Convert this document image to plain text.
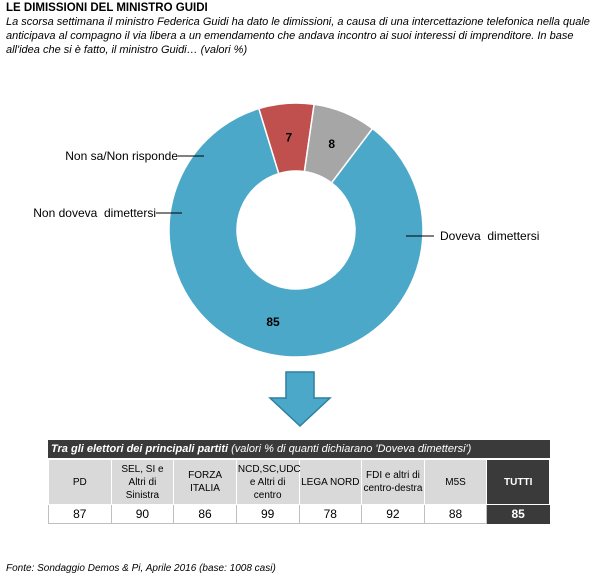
LE DIMISSIONI DEL MINISTRO GUIDI
La scorsa settimana il ministro Federica Guidi ha dato le dimissioni, a causa di una intercettazione telefonica nella quale anticipava al compagno il via libera a un emendamento che andava incontro ai suoi interessi di imprenditore. In base all'idea che si è fatto, il ministro Guidi… (valori %)
85
Doveva  dimettersi
7
Non doveva  dimettersi
8
Non sa/Non risponde
Tra gli elettori dei principali partiti (valori % di quanti dichiarano 'Doveva dimettersi')
PD	SEL, SI e Altri di Sinistra	FORZA ITALIA	NCD,SC,UDC e Altri di centro	LEGA NORD	FDI e altri di centro-destra	M5S	TUTTI
87	90	86	99	78	92	88	85
Fonte: Sondaggio Demos & Pi, Aprile 2016 (base: 1008 casi)
